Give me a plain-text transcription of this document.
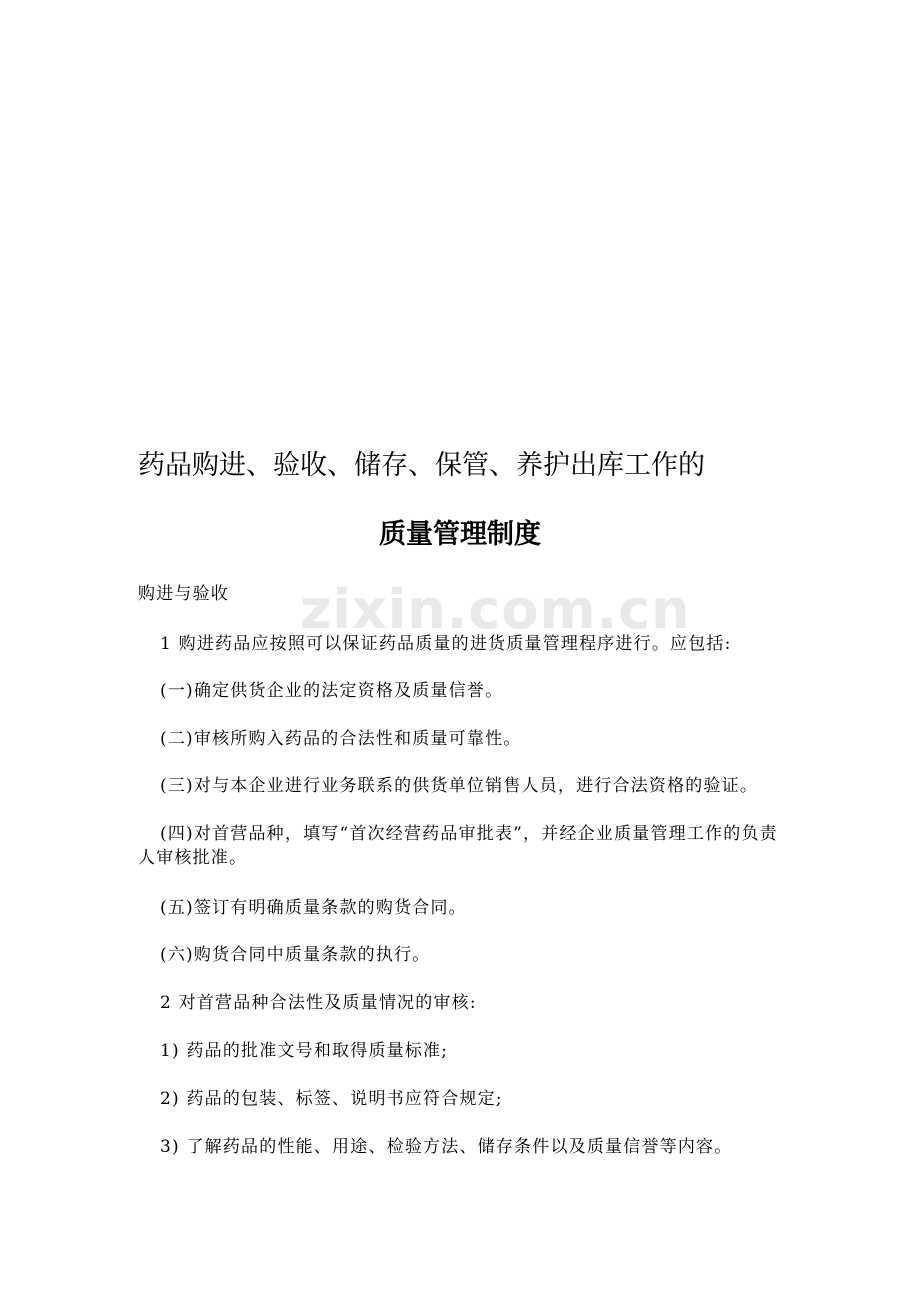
zixin.com.cn
药品购进、验收、储存、保管、养护出库工作的
质量管理制度
购进与验收
1 购进药品应按照可以保证药品质量的进货质量管理程序进行。应包括:
(一)确定供货企业的法定资格及质量信誉。
(二)审核所购入药品的合法性和质量可靠性。
(三)对与本企业进行业务联系的供货单位销售人员，进行合法资格的验证。
(四)对首营品种，填写“首次经营药品审批表”，并经企业质量管理工作的负责人审核批准。
(五)签订有明确质量条款的购货合同。
(六)购货合同中质量条款的执行。
2 对首营品种合法性及质量情况的审核:
1) 药品的批准文号和取得质量标准;
2) 药品的包装、标签、说明书应符合规定;
3) 了解药品的性能、用途、检验方法、储存条件以及质量信誉等内容。
